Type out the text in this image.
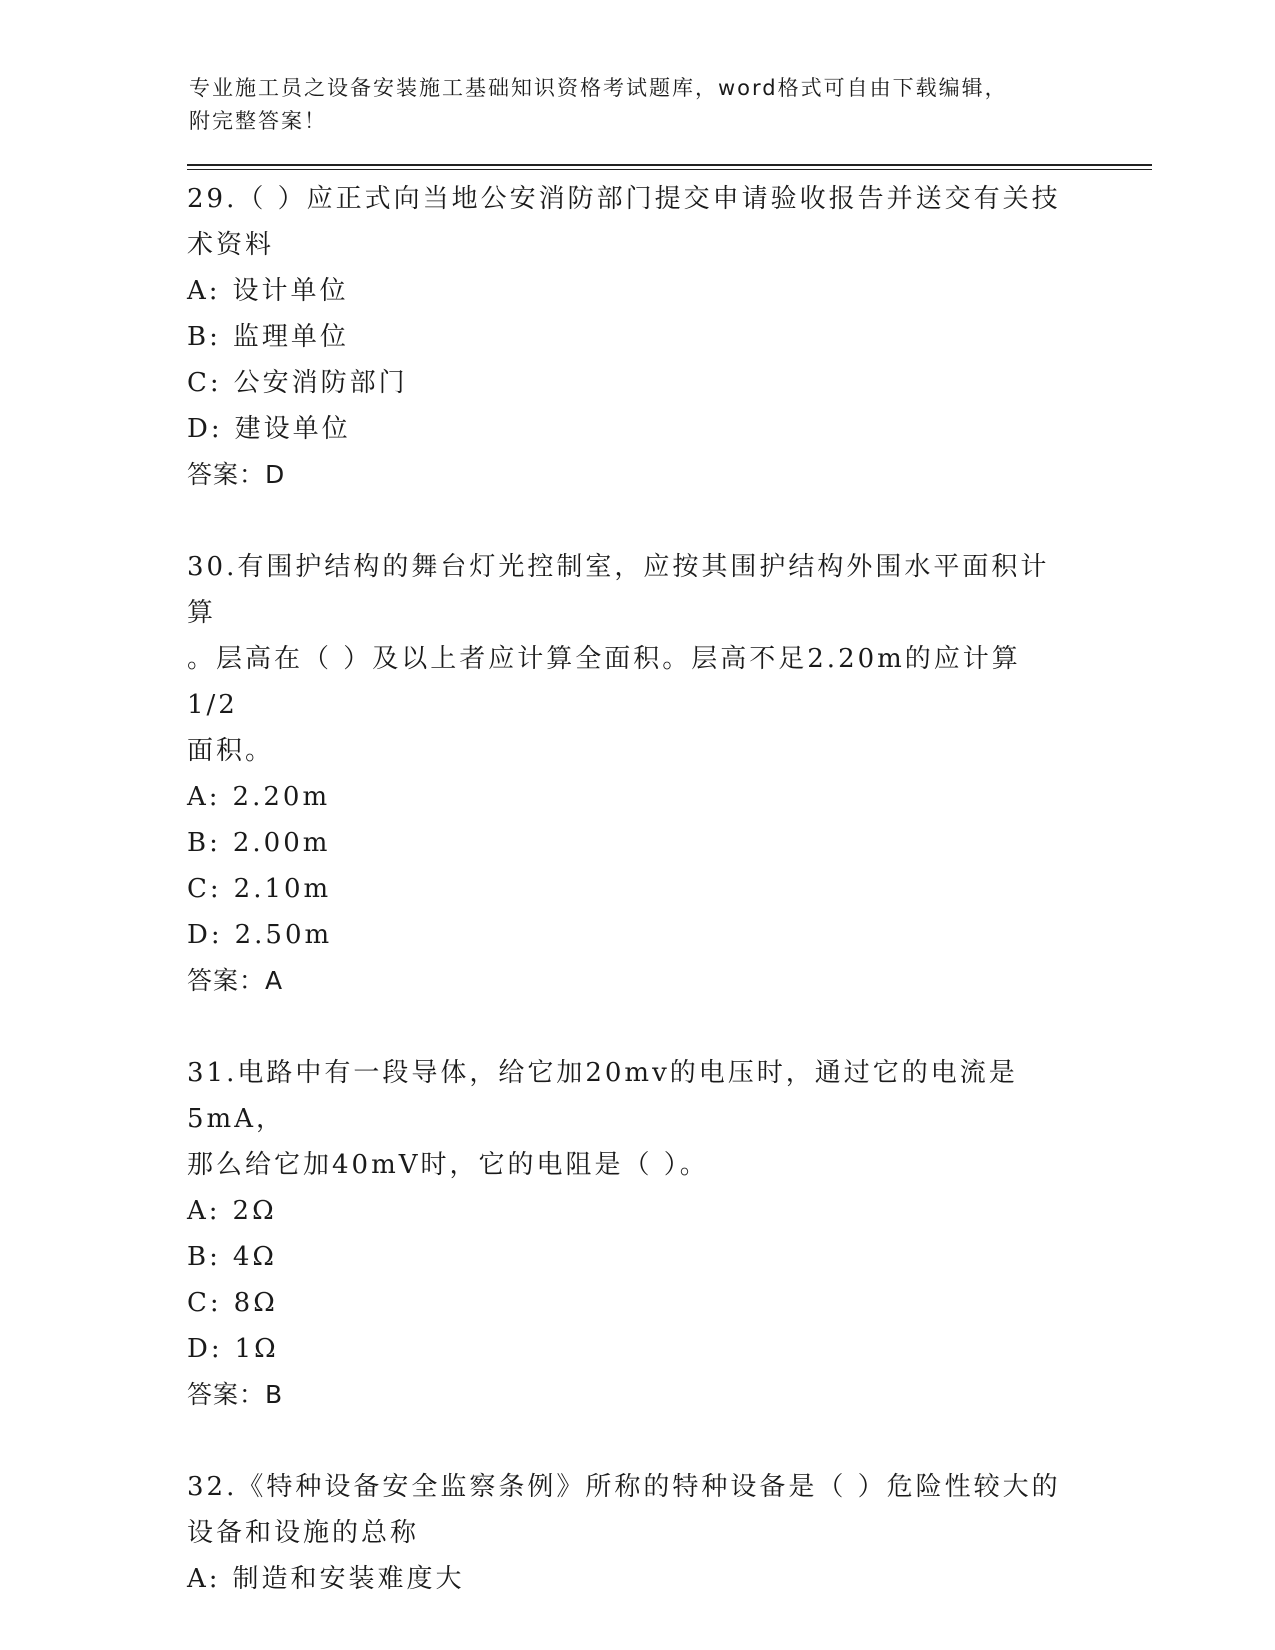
专业施工员之设备安装施工基础知识资格考试题库，word格式可自由下载编辑，
附完整答案！

29.（ ）应正式向当地公安消防部门提交申请验收报告并送交有关技
术资料

A: 设计单位

B: 监理单位

C: 公安消防部门

D: 建设单位

答案：D

30.有围护结构的舞台灯光控制室，应按其围护结构外围水平面积计算
。层高在（ ）及以上者应计算全面积。层高不足2.20m的应计算1/2
面积。

A: 2.20m

B: 2.00m

C: 2.10m

D: 2.50m

答案：A

31.电路中有一段导体，给它加20mv的电压时，通过它的电流是5mA，
那么给它加40mV时，它的电阻是（ ）。

A: 2Ω

B: 4Ω

C: 8Ω

D: 1Ω

答案：B

32.《特种设备安全监察条例》所称的特种设备是（ ）危险性较大的
设备和设施的总称

A: 制造和安装难度大
